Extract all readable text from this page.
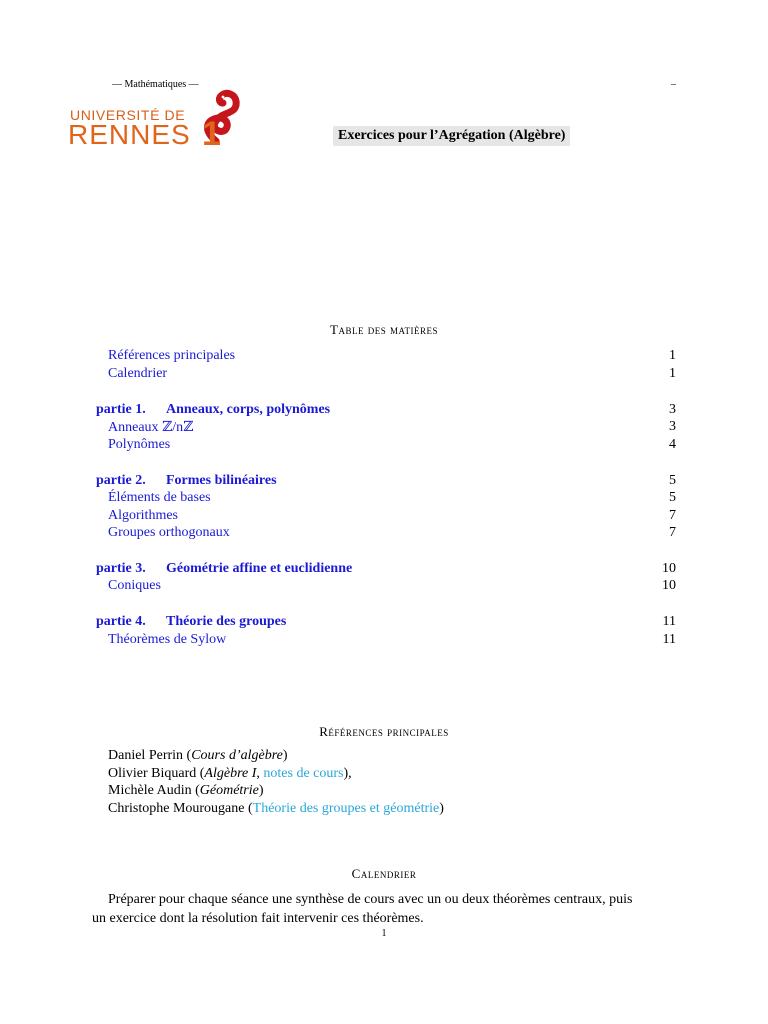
— Mathématiques —	–
UNIVERSITÉ DE
RENNES 1	Exercices pour l’Agrégation (Algèbre)
Table des matières
Références principales	1
Calendrier	1
partie 1. Anneaux, corps, polynômes	3
Anneaux ℤ/nℤ	3
Polynômes	4
partie 2. Formes bilinéaires	5
Éléments de bases	5
Algorithmes	7
Groupes orthogonaux	7
partie 3. Géométrie affine et euclidienne	10
Coniques	10
partie 4. Théorie des groupes	11
Théorèmes de Sylow	11
Références principales
Daniel Perrin (Cours d’algèbre)
Olivier Biquard (Algèbre I, notes de cours),
Michèle Audin (Géométrie)
Christophe Mourougane (Théorie des groupes et géométrie)
Calendrier
Préparer pour chaque séance une synthèse de cours avec un ou deux théorèmes centraux, puis
un exercice dont la résolution fait intervenir ces théorèmes.
1
